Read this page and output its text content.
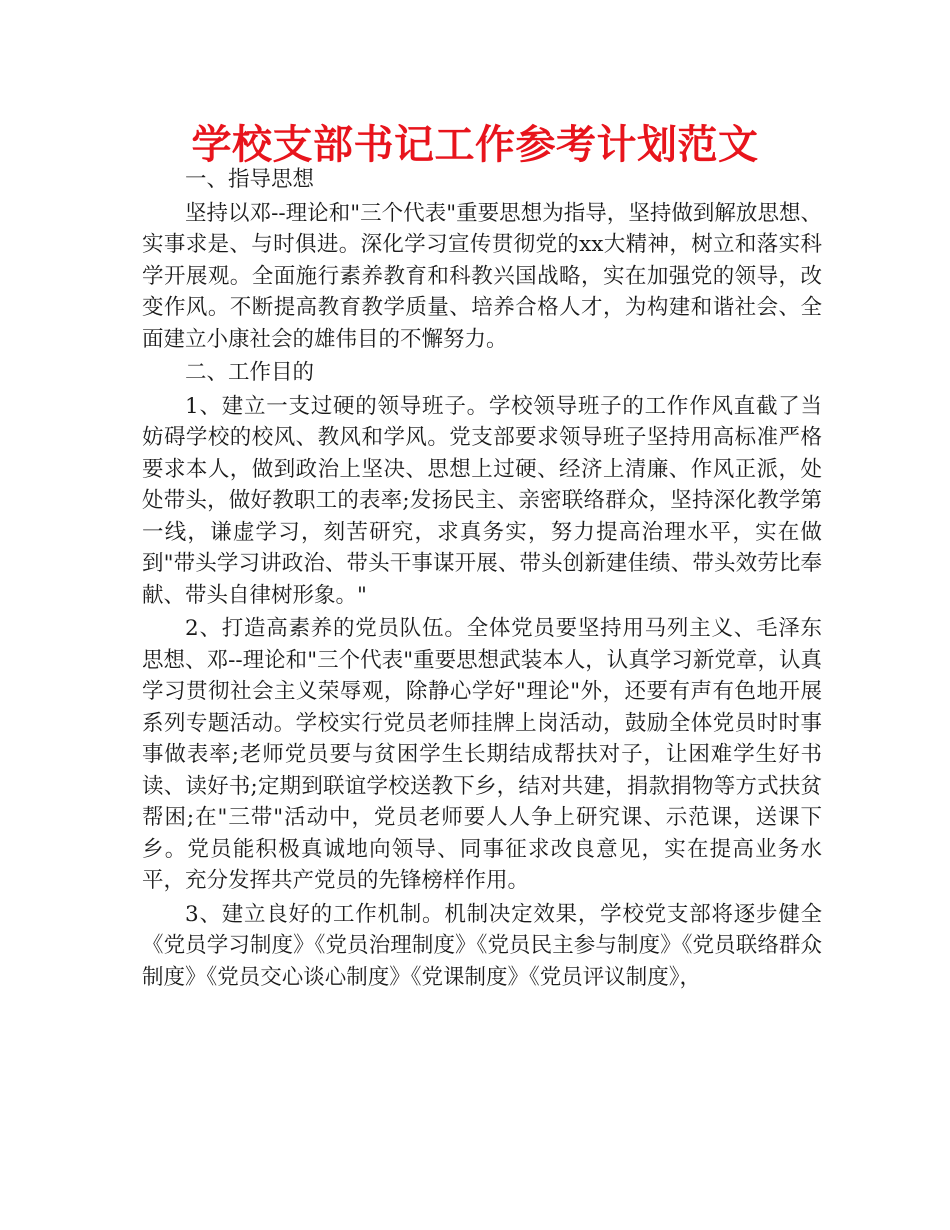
学校支部书记工作参考计划范文

一、指导思想

坚持以邓--理论和"三个代表"重要思想为指导，坚持做到解放思想、实事求是、与时俱进。深化学习宣传贯彻党的xx大精神，树立和落实科学开展观。全面施行素养教育和科教兴国战略，实在加强党的领导，改变作风。不断提高教育教学质量、培养合格人才，为构建和谐社会、全面建立小康社会的雄伟目的不懈努力。

二、工作目的

1、建立一支过硬的领导班子。学校领导班子的工作作风直截了当妨碍学校的校风、教风和学风。党支部要求领导班子坚持用高标准严格要求本人，做到政治上坚决、思想上过硬、经济上清廉、作风正派，处处带头，做好教职工的表率;发扬民主、亲密联络群众，坚持深化教学第一线，谦虚学习，刻苦研究，求真务实，努力提高治理水平，实在做到"带头学习讲政治、带头干事谋开展、带头创新建佳绩、带头效劳比奉献、带头自律树形象。"

2、打造高素养的党员队伍。全体党员要坚持用马列主义、毛泽东思想、邓--理论和"三个代表"重要思想武装本人，认真学习新党章，认真学习贯彻社会主义荣辱观，除静心学好"理论"外，还要有声有色地开展系列专题活动。学校实行党员老师挂牌上岗活动，鼓励全体党员时时事事做表率;老师党员要与贫困学生长期结成帮扶对子，让困难学生好书读、读好书;定期到联谊学校送教下乡，结对共建，捐款捐物等方式扶贫帮困;在"三带"活动中，党员老师要人人争上研究课、示范课，送课下乡。党员能积极真诚地向领导、同事征求改良意见，实在提高业务水平，充分发挥共产党员的先锋榜样作用。

3、建立良好的工作机制。机制决定效果，学校党支部将逐步健全《党员学习制度》《党员治理制度》《党员民主参与制度》《党员联络群众制度》《党员交心谈心制度》《党课制度》《党员评议制度》，
